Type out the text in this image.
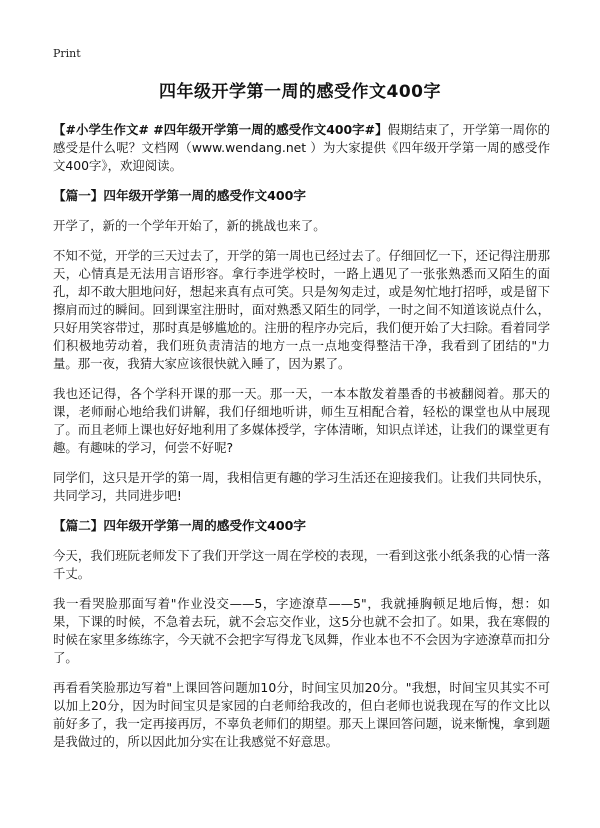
Print
四年级开学第一周的感受作文400字

【#小学生作文# #四年级开学第一周的感受作文400字#】假期结束了，开学第一周你的感受是什么呢？文档网（www.wendang.net ）为大家提供《四年级开学第一周的感受作文400字》，欢迎阅读。

【篇一】四年级开学第一周的感受作文400字

开学了，新的一个学年开始了，新的挑战也来了。

不知不觉，开学的三天过去了，开学的第一周也已经过去了。仔细回忆一下，还记得注册那天，心情真是无法用言语形容。拿行李进学校时，一路上遇见了一张张熟悉而又陌生的面孔，却不敢大胆地问好，想起来真有点可笑。只是匆匆走过，或是匆忙地打招呼，或是留下擦肩而过的瞬间。回到课室注册时，面对熟悉又陌生的同学，一时之间不知道该说点什么，只好用笑容带过，那时真是够尴尬的。注册的程序办完后，我们便开始了大扫除。看着同学们积极地劳动着，我们班负责清洁的地方一点一点地变得整洁干净，我看到了团结的"力量。那一夜，我猜大家应该很快就入睡了，因为累了。

我也还记得，各个学科开课的那一天。那一天，一本本散发着墨香的书被翻阅着。那天的课，老师耐心地给我们讲解，我们仔细地听讲，师生互相配合着，轻松的课堂也从中展现了。而且老师上课也好好地利用了多媒体授学，字体清晰，知识点详述，让我们的课堂更有趣。有趣味的学习，何尝不好呢?

同学们，这只是开学的第一周，我相信更有趣的学习生活还在迎接我们。让我们共同快乐，共同学习，共同进步吧!

【篇二】四年级开学第一周的感受作文400字

今天，我们班阮老师发下了我们开学这一周在学校的表现，一看到这张小纸条我的心情一落千丈。

我一看哭脸那面写着"作业没交——5，字迹潦草——5"，我就捶胸顿足地后悔，想：如果，下课的时候，不急着去玩，就不会忘交作业，这5分也就不会扣了。如果，我在寒假的时候在家里多练练字，今天就不会把字写得龙飞凤舞，作业本也不不会因为字迹潦草而扣分了。

再看看笑脸那边写着"上课回答问题加10分，时间宝贝加20分。"我想，时间宝贝其实不可以加上20分，因为时间宝贝是家园的白老师给我改的，但白老师也说我现在写的作文比以前好多了，我一定再接再厉，不辜负老师们的期望。那天上课回答问题，说来惭愧，拿到题是我做过的，所以因此加分实在让我感觉不好意思。
